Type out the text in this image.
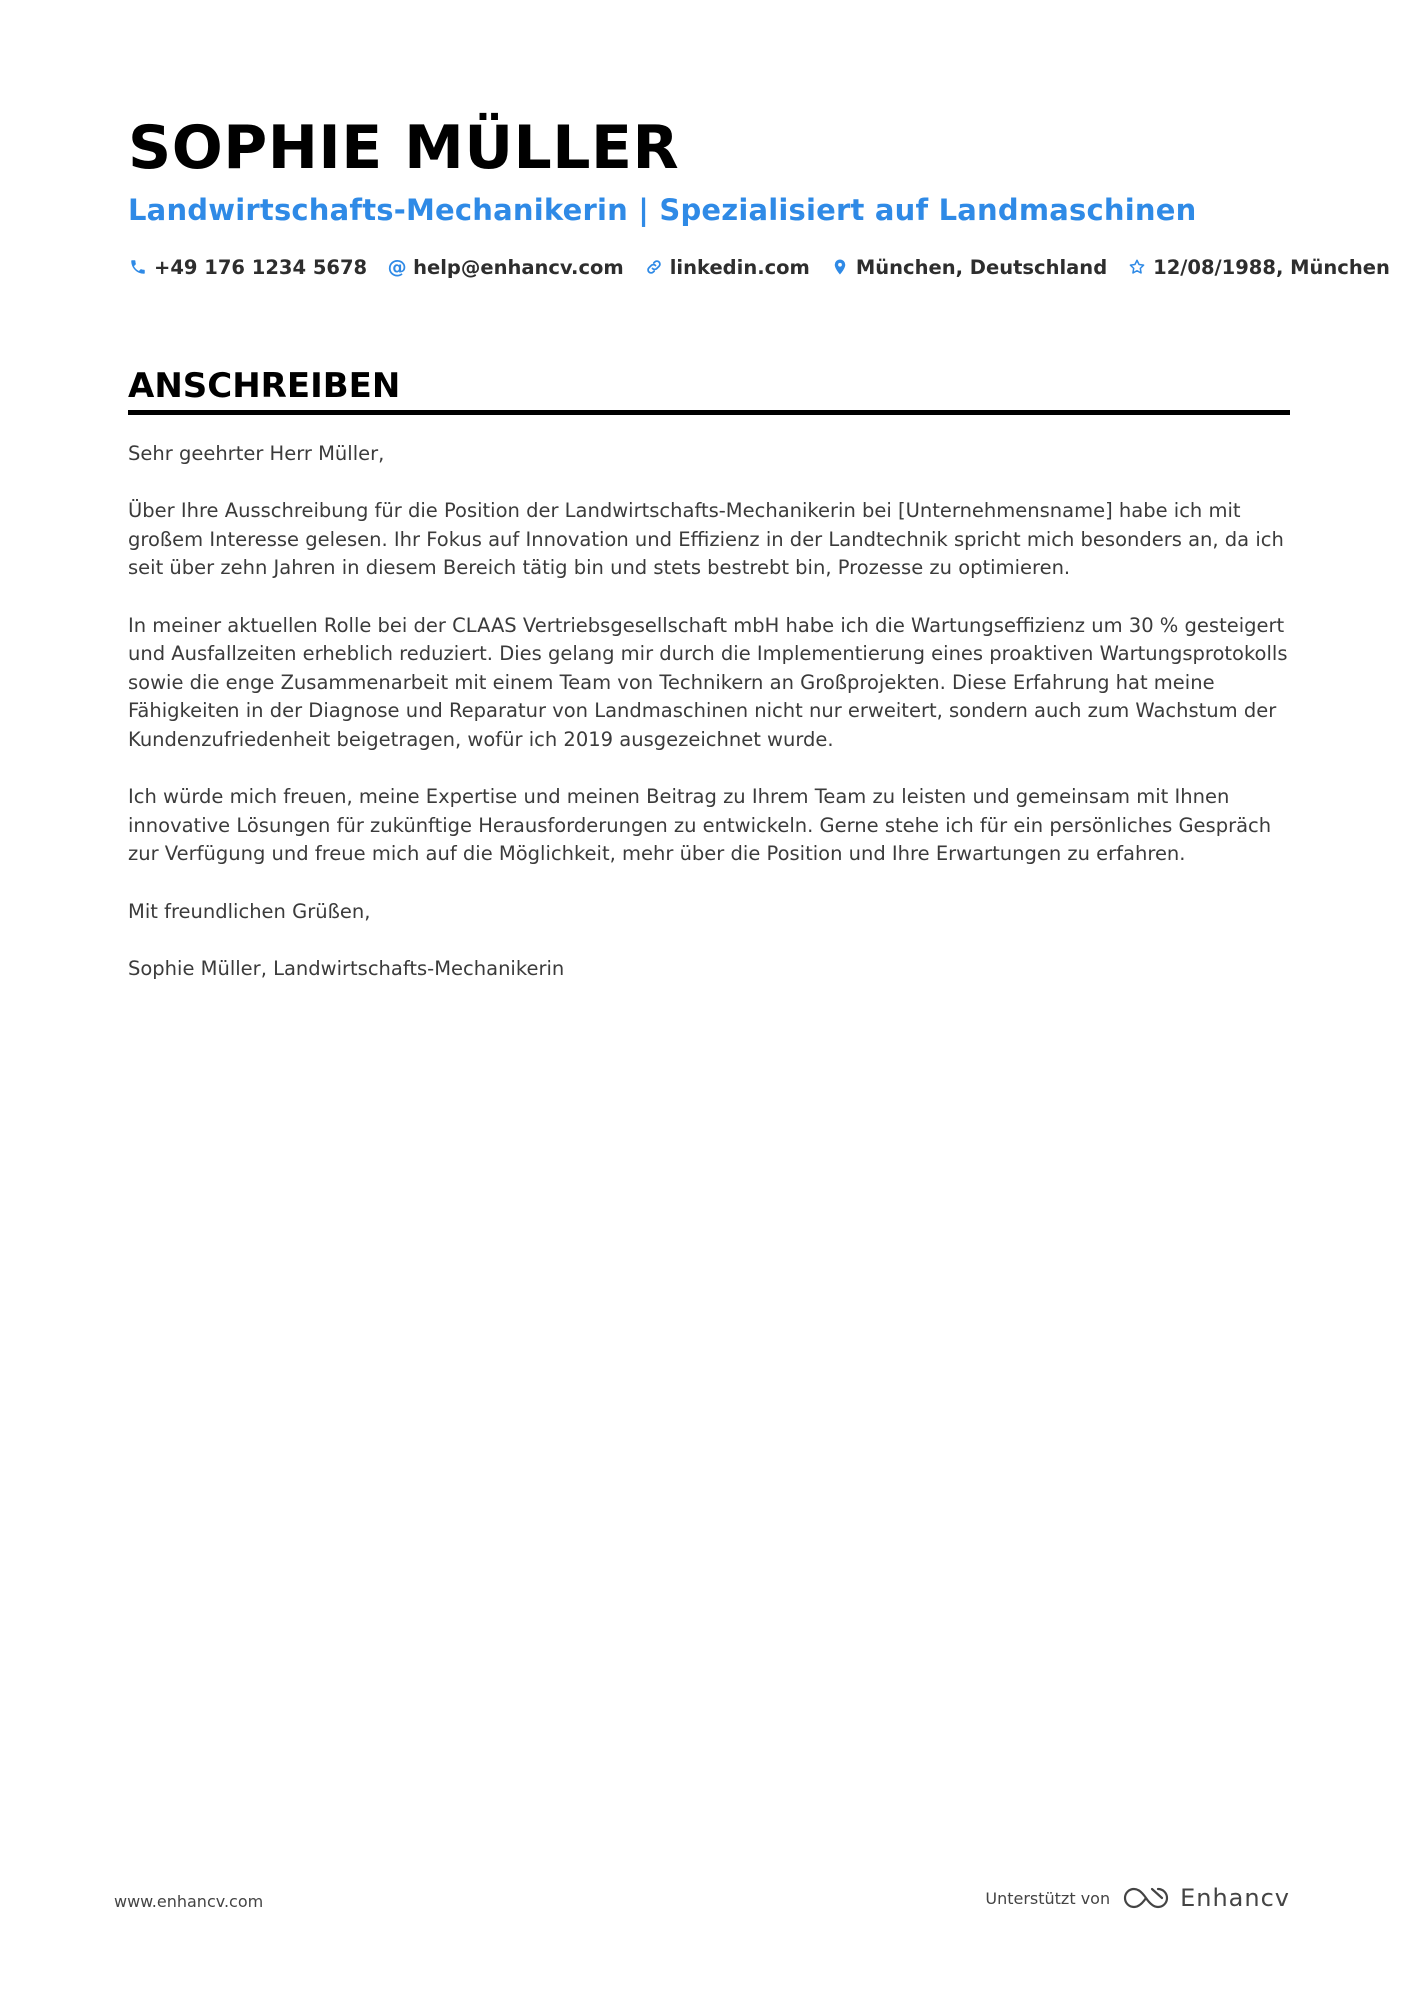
SOPHIE MÜLLER
Landwirtschafts-Mechanikerin | Spezialisiert auf Landmaschinen
+49 176 1234 5678 @ help@enhancv.com linkedin.com München, Deutschland 12/08/1988, München
ANSCHREIBEN

Sehr geehrter Herr Müller,

Über Ihre Ausschreibung für die Position der Landwirtschafts-Mechanikerin bei [Unternehmensname] habe ich mit großem Interesse gelesen. Ihr Fokus auf Innovation und Effizienz in der Landtechnik spricht mich besonders an, da ich seit über zehn Jahren in diesem Bereich tätig bin und stets bestrebt bin, Prozesse zu optimieren.

In meiner aktuellen Rolle bei der CLAAS Vertriebsgesellschaft mbH habe ich die Wartungseffizienz um 30 % gesteigert und Ausfallzeiten erheblich reduziert. Dies gelang mir durch die Implementierung eines proaktiven Wartungsprotokolls sowie die enge Zusammenarbeit mit einem Team von Technikern an Großprojekten. Diese Erfahrung hat meine Fähigkeiten in der Diagnose und Reparatur von Landmaschinen nicht nur erweitert, sondern auch zum Wachstum der Kundenzufriedenheit beigetragen, wofür ich 2019 ausgezeichnet wurde.

Ich würde mich freuen, meine Expertise und meinen Beitrag zu Ihrem Team zu leisten und gemeinsam mit Ihnen innovative Lösungen für zukünftige Herausforderungen zu entwickeln. Gerne stehe ich für ein persönliches Gespräch zur Verfügung und freue mich auf die Möglichkeit, mehr über die Position und Ihre Erwartungen zu erfahren.

Mit freundlichen Grüßen,

Sophie Müller, Landwirtschafts-Mechanikerin

www.enhancv.com	Unterstützt von	Enhancv
